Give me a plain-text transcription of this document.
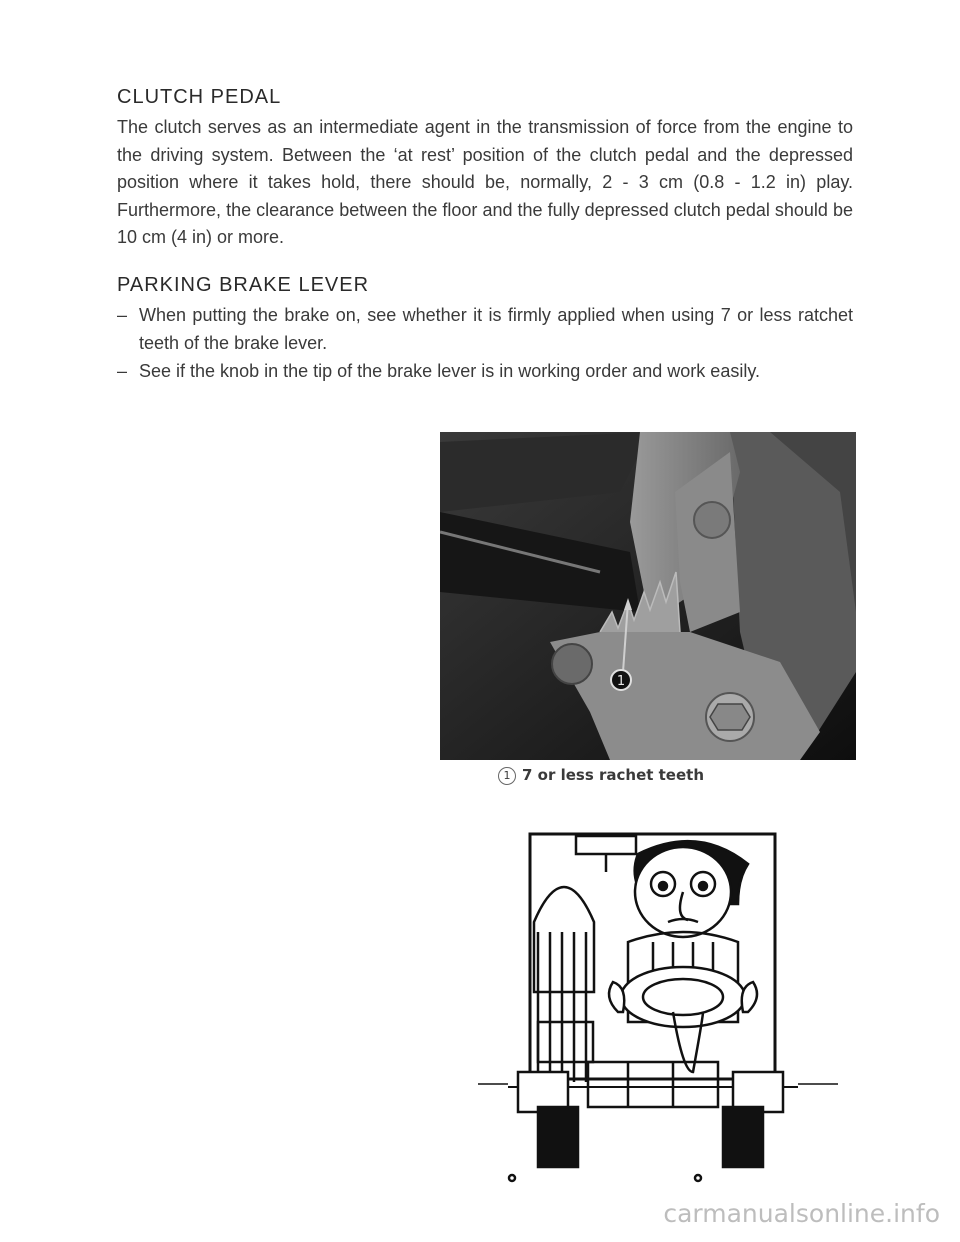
CLUTCH PEDAL

The clutch serves as an intermediate agent in the transmission of force from the engine to the driving system. Between the ‘at rest’ position of the clutch pedal and the depressed position where it takes hold, there should be, normally, 2 - 3 cm (0.8 - 1.2 in) play. Furthermore, the clearance between the floor and the fully depressed clutch pedal should be 10 cm (4 in) or more.

PARKING BRAKE LEVER
– When putting the brake on, see whether it is firmly applied when using 7 or less ratchet teeth of the brake lever.
– See if the knob in the tip of the brake lever is in working order and work easily.
1
1 7 or less rachet teeth
carmanualsonline.info
